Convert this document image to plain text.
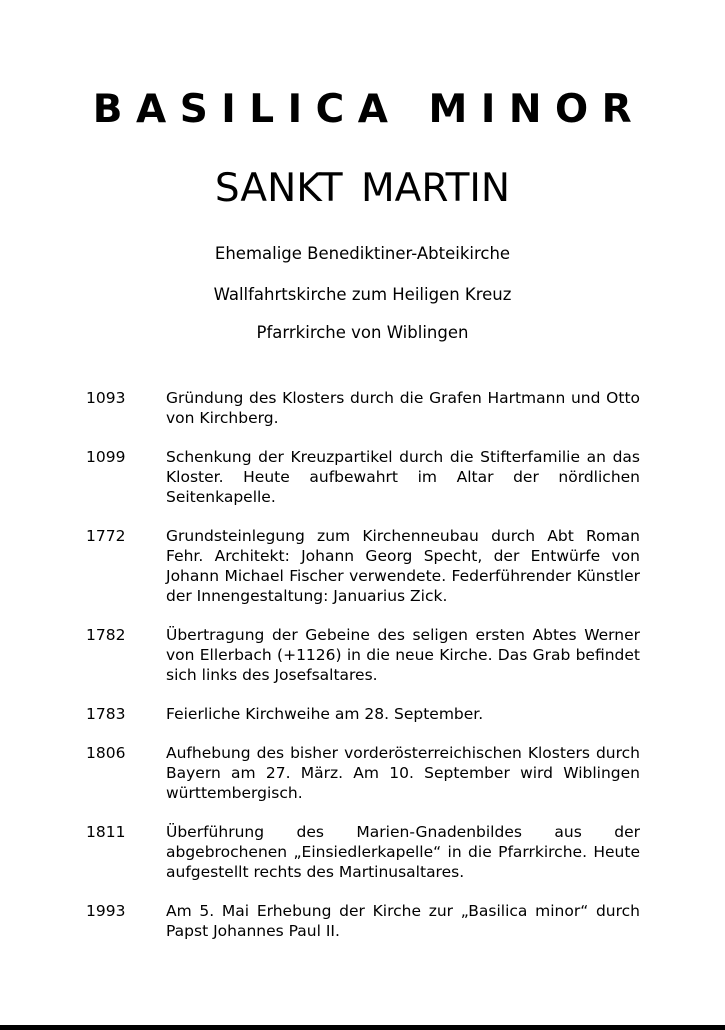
BASILICA MINOR
SANKT MARTIN
Ehemalige Benediktiner-Abteikirche
Wallfahrtskirche zum Heiligen Kreuz
Pfarrkirche von Wiblingen
1093	Gründung des Klosters durch die Grafen Hartmann und Otto von Kirchberg.
1099	Schenkung der Kreuzpartikel durch die Stifterfamilie an das Kloster. Heute aufbewahrt im Altar der nördlichen Seitenkapelle.
1772	Grundsteinlegung zum Kirchenneubau durch Abt Roman Fehr. Architekt: Johann Georg Specht, der Entwürfe von Johann Michael Fischer verwendete. Federführender Künstler der Innengestaltung: Januarius Zick.
1782	Übertragung der Gebeine des seligen ersten Abtes Werner von Ellerbach (+1126) in die neue Kirche. Das Grab befindet sich links des Josefsaltares.
1783	Feierliche Kirchweihe am 28. September.
1806	Aufhebung des bisher vorderösterreichischen Klosters durch Bayern am 27. März. Am 10. September wird Wiblingen württembergisch.
1811	Überführung des Marien-Gnadenbildes aus der abgebrochenen „Einsiedlerkapelle“ in die Pfarrkirche. Heute aufgestellt rechts des Martinusaltares.
1993	Am 5. Mai Erhebung der Kirche zur „Basilica minor“ durch Papst Johannes Paul II.
